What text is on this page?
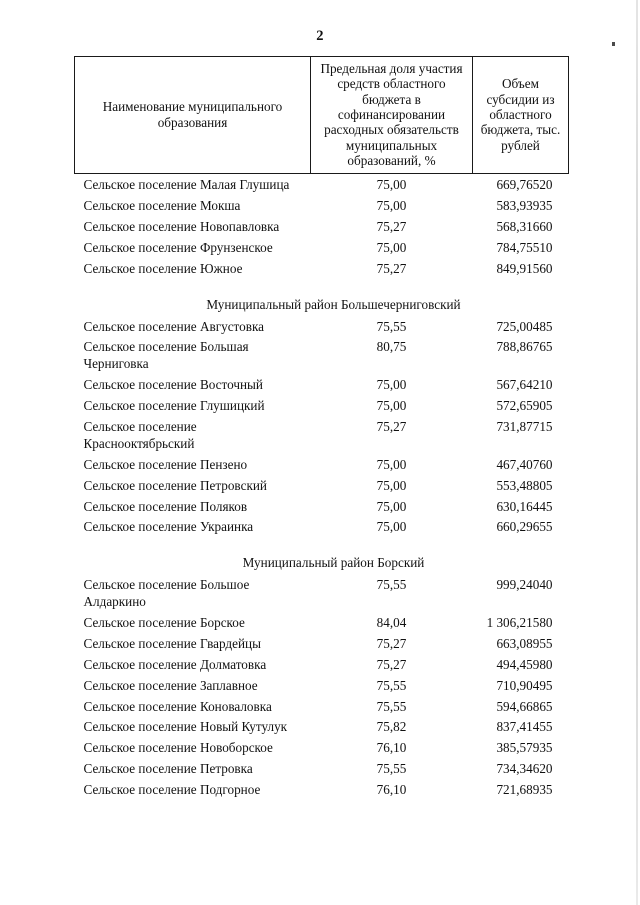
2
Наименование муниципального образования	Предельная доля участия средств областного бюджета в софинансировании расходных обязательств муниципальных образований, %	Объем субсидии из областного бюджета, тыс. рублей
Сельское поселение Малая Глушица	75,00	669,76520
Сельское поселение Мокша	75,00	583,93935
Сельское поселение Новопавловка	75,27	568,31660
Сельское поселение Фрунзенское	75,00	784,75510
Сельское поселение Южное	75,27	849,91560
Муниципальный район Большечерниговский		
Сельское поселение Августовка	75,55	725,00485
Сельское поселение Большая Черниговка	80,75	788,86765
Сельское поселение Восточный	75,00	567,64210
Сельское поселение Глушицкий	75,00	572,65905
Сельское поселение Краснооктябрьский	75,27	731,87715
Сельское поселение Пензено	75,00	467,40760
Сельское поселение Петровский	75,00	553,48805
Сельское поселение Поляков	75,00	630,16445
Сельское поселение Украинка	75,00	660,29655
Муниципальный район Борский		
Сельское поселение Большое Алдаркино	75,55	999,24040
Сельское поселение Борское	84,04	1 306,21580
Сельское поселение Гвардейцы	75,27	663,08955
Сельское поселение Долматовка	75,27	494,45980
Сельское поселение Заплавное	75,55	710,90495
Сельское поселение Коноваловка	75,55	594,66865
Сельское поселение Новый Кутулук	75,82	837,41455
Сельское поселение Новоборское	76,10	385,57935
Сельское поселение Петровка	75,55	734,34620
Сельское поселение Подгорное	76,10	721,68935
